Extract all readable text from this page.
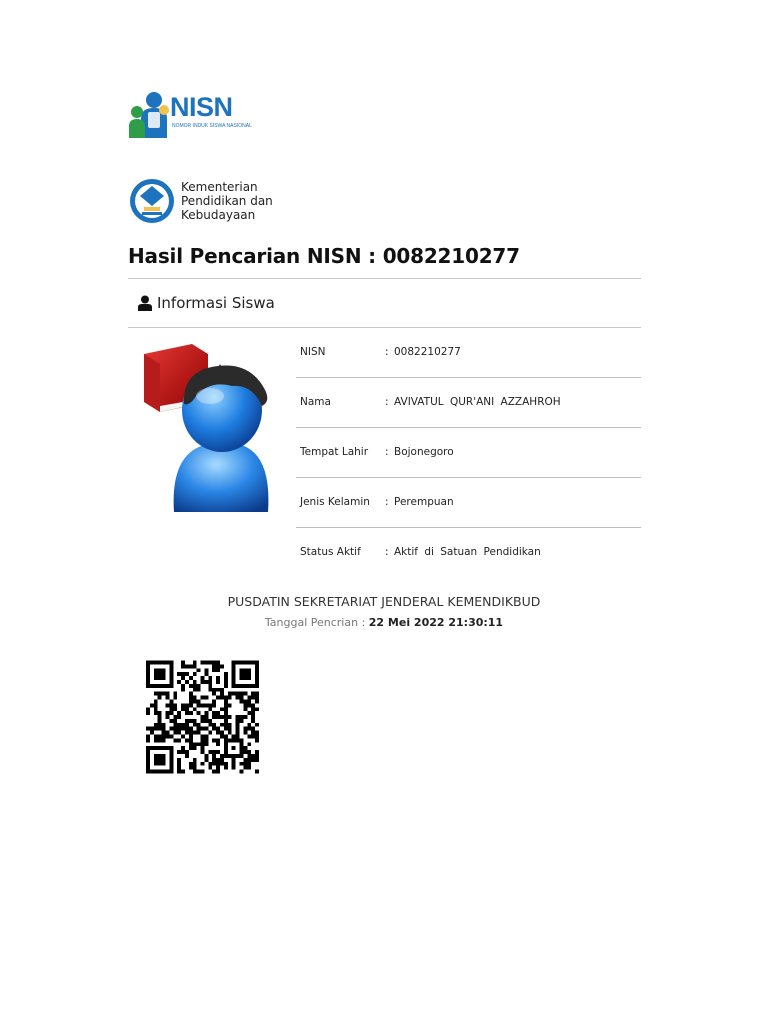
NISN
NOMOR INDUK SISWA NASIONAL
Kementerian
Pendidikan dan
Kebudayaan
Hasil Pencarian NISN : 0082210277
Informasi Siswa
NISN	: 0082210277
Nama	: AVIVATUL QUR'ANI AZZAHROH
Tempat Lahir : Bojonegoro
Jenis Kelamin : Perempuan
Status Aktif : Aktif di Satuan Pendidikan
PUSDATIN SEKRETARIAT JENDERAL KEMENDIKBUD
Tanggal Pencrian : 22 Mei 2022 21:30:11
